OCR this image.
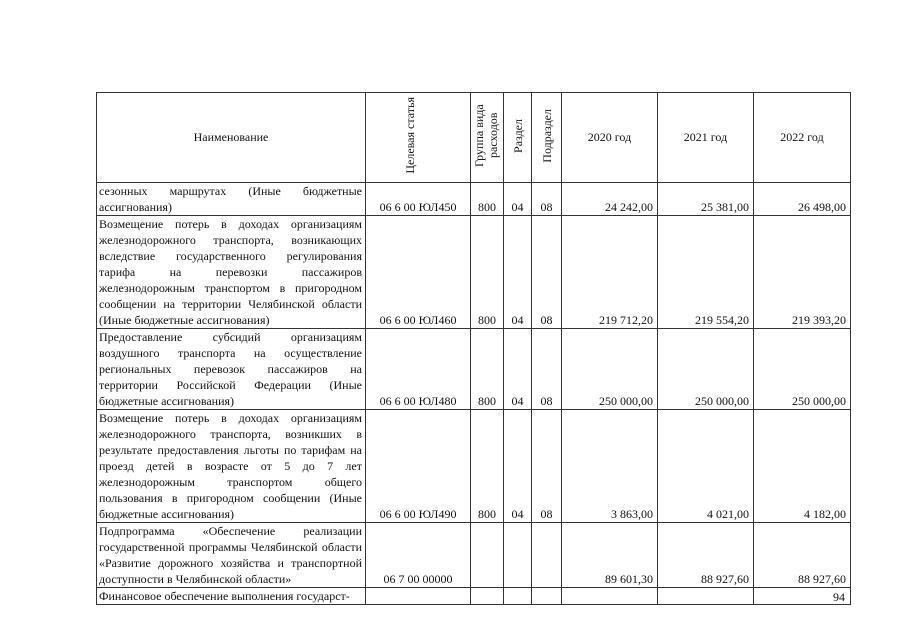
Наименование	Целевая статья	Группа вида расходов	Раздел	Подраздел	2020 год	2021 год	2022 год
сезонных маршрутах (Иные бюджетные ассигнования)	06 6 00 ЮЛ450	800	04	08	24 242,00	25 381,00	26 498,00
Возмещение потерь в доходах организациям железнодорожного транспорта, возникающих вследствие государственного регулирования тарифа на перевозки пассажиров железнодорожным транспортом в пригородном сообщении на территории Челябинской области (Иные бюджетные ассигнования)	06 6 00 ЮЛ460	800	04	08	219 712,20	219 554,20	219 393,20
Предоставление субсидий организациям воздушного транспорта на осуществление региональных перевозок пассажиров на территории Российской Федерации (Иные бюджетные ассигнования)	06 6 00 ЮЛ480	800	04	08	250 000,00	250 000,00	250 000,00
Возмещение потерь в доходах организациям железнодорожного транспорта, возникших в результате предоставления льготы по тарифам на проезд детей в возрасте от 5 до 7 лет железнодорожным транспортом общего пользования в пригородном сообщении (Иные бюджетные ассигнования)	06 6 00 ЮЛ490	800	04	08	3 863,00	4 021,00	4 182,00
Подпрограмма «Обеспечение реализации государственной программы Челябинской области «Развитие дорожного хозяйства и транспортной доступности в Челябинской области»	06 7 00 00000				89 601,30	88 927,60	88 927,60
Финансовое обеспечение выполнения государст-								94
